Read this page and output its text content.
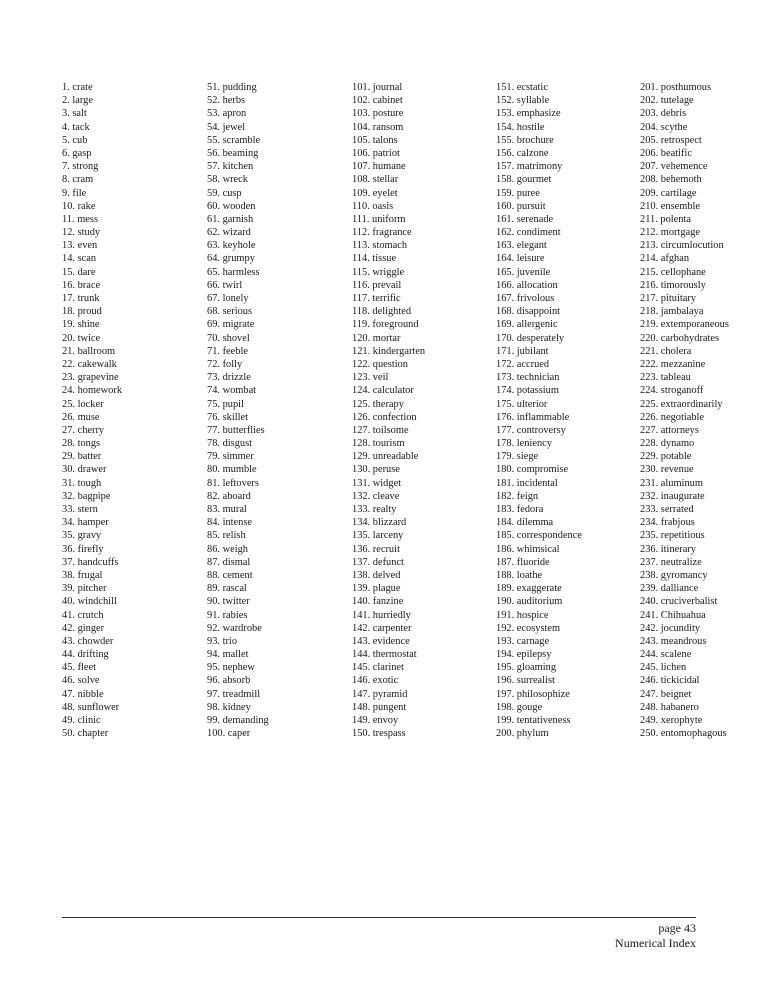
1. crate
2. large
3. salt
4. tack
5. cub
6. gasp
7. strong
8. cram
9. file
10. rake
11. mess
12. study
13. even
14. scan
15. dare
16. brace
17. trunk
18. proud
19. shine
20. twice
21. ballroom
22. cakewalk
23. grapevine
24. homework
25. locker
26. muse
27. cherry
28. tongs
29. batter
30. drawer
31. tough
32. bagpipe
33. stern
34. hamper
35. gravy
36. firefly
37. handcuffs
38. frugal
39. pitcher
40. windchill
41. crutch
42. ginger
43. chowder
44. drifting
45. fleet
46. solve
47. nibble
48. sunflower
49. clinic
50. chapter
51. pudding
52. herbs
53. apron
54. jewel
55. scramble
56. beaming
57. kitchen
58. wreck
59. cusp
60. wooden
61. garnish
62. wizard
63. keyhole
64. grumpy
65. harmless
66. twirl
67. lonely
68. serious
69. migrate
70. shovel
71. feeble
72. folly
73. drizzle
74. wombat
75. pupil
76. skillet
77. butterflies
78. disgust
79. simmer
80. mumble
81. leftovers
82. aboard
83. mural
84. intense
85. relish
86. weigh
87. dismal
88. cement
89. rascal
90. twitter
91. rabies
92. wardrobe
93. trio
94. mallet
95. nephew
96. absorb
97. treadmill
98. kidney
99. demanding
100. caper
101. journal
102. cabinet
103. posture
104. ransom
105. talons
106. patriot
107. humane
108. stellar
109. eyelet
110. oasis
111. uniform
112. fragrance
113. stomach
114. tissue
115. wriggle
116. prevail
117. terrific
118. delighted
119. foreground
120. mortar
121. kindergarten
122. question
123. veil
124. calculator
125. therapy
126. confection
127. toilsome
128. tourism
129. unreadable
130. peruse
131. widget
132. cleave
133. realty
134. blizzard
135. larceny
136. recruit
137. defunct
138. delved
139. plague
140. fanzine
141. hurriedly
142. carpenter
143. evidence
144. thermostat
145. clarinet
146. exotic
147. pyramid
148. pungent
149. envoy
150. trespass
151. ecstatic
152. syllable
153. emphasize
154. hostile
155. brochure
156. calzone
157. matrimony
158. gourmet
159. puree
160. pursuit
161. serenade
162. condiment
163. elegant
164. leisure
165. juvenile
166. allocation
167. frivolous
168. disappoint
169. allergenic
170. desperately
171. jubilant
172. accrued
173. technician
174. potassium
175. ulterior
176. inflammable
177. controversy
178. leniency
179. siege
180. compromise
181. incidental
182. feign
183. fedora
184. dilemma
185. correspondence
186. whimsical
187. fluoride
188. loathe
189. exaggerate
190. auditorium
191. hospice
192. ecosystem
193. carnage
194. epilepsy
195. gloaming
196. surrealist
197. philosophize
198. gouge
199. tentativeness
200. phylum
201. posthumous
202. tutelage
203. debris
204. scythe
205. retrospect
206. beatific
207. vehemence
208. behemoth
209. cartilage
210. ensemble
211. polenta
212. mortgage
213. circumlocution
214. afghan
215. cellophane
216. timorously
217. pituitary
218. jambalaya
219. extemporaneous
220. carbohydrates
221. cholera
222. mezzanine
223. tableau
224. stroganoff
225. extraordinarily
226. negotiable
227. attorneys
228. dynamo
229. potable
230. revenue
231. aluminum
232. inaugurate
233. serrated
234. frabjous
235. repetitious
236. itinerary
237. neutralize
238. gyromancy
239. dalliance
240. cruciverbalist
241. Chihuahua
242. jocundity
243. meandrous
244. scalene
245. lichen
246. tickicidal
247. beignet
248. habanero
249. xerophyte
250. entomophagous
page 43
Numerical Index
